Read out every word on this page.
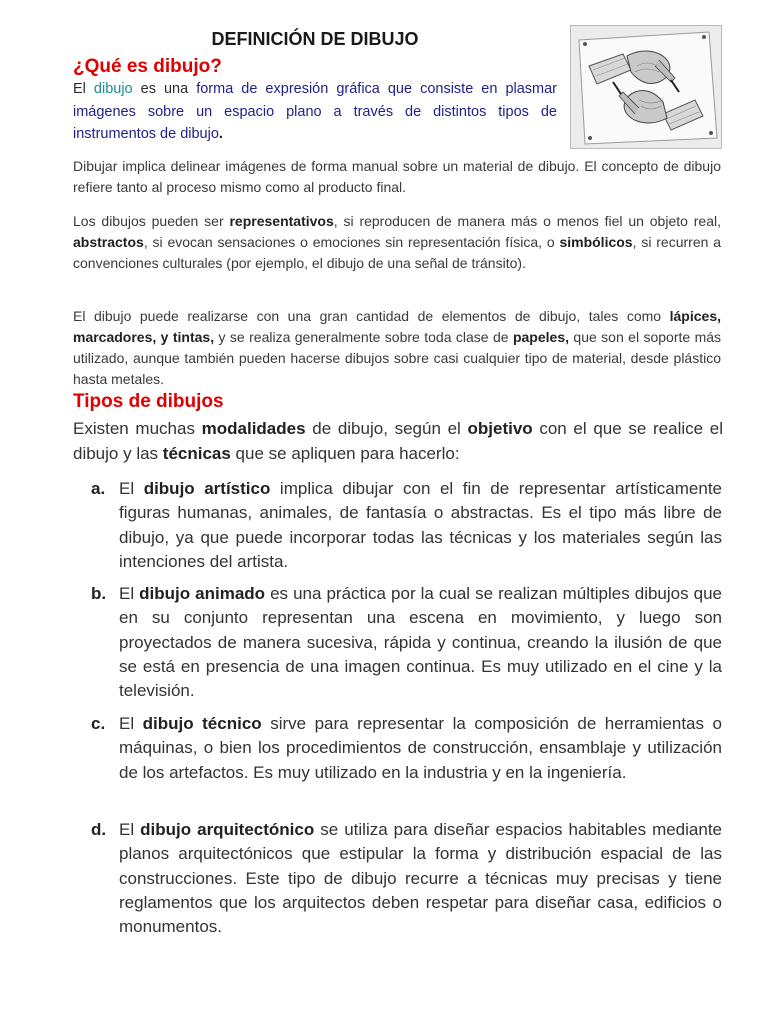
DEFINICIÓN DE DIBUJO
¿Qué es dibujo?

El dibujo es una forma de expresión gráfica que consiste en plasmar imágenes sobre un espacio plano a través de distintos tipos de instrumentos de dibujo.

Dibujar implica delinear imágenes de forma manual sobre un material de dibujo. El concepto de dibujo refiere tanto al proceso mismo como al producto final.

Los dibujos pueden ser representativos, si reproducen de manera más o menos fiel un objeto real, abstractos, si evocan sensaciones o emociones sin representación física, o simbólicos, si recurren a convenciones culturales (por ejemplo, el dibujo de una señal de tránsito).

El dibujo puede realizarse con una gran cantidad de elementos de dibujo, tales como lápices, marcadores, y tintas, y se realiza generalmente sobre toda clase de papeles, que son el soporte más utilizado, aunque también pueden hacerse dibujos sobre casi cualquier tipo de material, desde plástico hasta metales.

Tipos de dibujos

Existen muchas modalidades de dibujo, según el objetivo con el que se realice el dibujo y las técnicas que se apliquen para hacerlo:

a. El dibujo artístico implica dibujar con el fin de representar artísticamente figuras humanas, animales, de fantasía o abstractas. Es el tipo más libre de dibujo, ya que puede incorporar todas las técnicas y los materiales según las intenciones del artista.
b. El dibujo animado es una práctica por la cual se realizan múltiples dibujos que en su conjunto representan una escena en movimiento, y luego son proyectados de manera sucesiva, rápida y continua, creando la ilusión de que se está en presencia de una imagen continua. Es muy utilizado en el cine y la televisión.
c. El dibujo técnico sirve para representar la composición de herramientas o máquinas, o bien los procedimientos de construcción, ensamblaje y utilización de los artefactos. Es muy utilizado en la industria y en la ingeniería.
d. El dibujo arquitectónico se utiliza para diseñar espacios habitables mediante planos arquitectónicos que estipular la forma y distribución espacial de las construcciones. Este tipo de dibujo recurre a técnicas muy precisas y tiene reglamentos que los arquitectos deben respetar para diseñar casa, edificios o monumentos.
